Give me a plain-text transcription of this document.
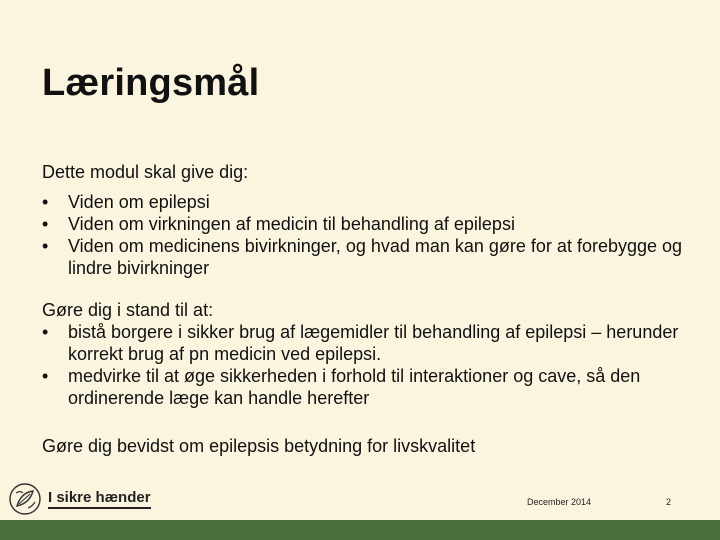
Læringsmål

Dette modul skal give dig:

• Viden om epilepsi
• Viden om virkningen af medicin til behandling af epilepsi
• Viden om medicinens bivirkninger, og hvad man kan gøre for at forebygge og lindre bivirkninger

Gøre dig i stand til at:

• bistå borgere i sikker brug af lægemidler til behandling af epilepsi – herunder korrekt brug af pn medicin ved epilepsi.
• medvirke til at øge sikkerheden i forhold til interaktioner og cave, så den ordinerende læge kan handle herefter

Gøre dig bevidst om epilepsis betydning for livskvalitet

I sikre hænder	December 2014	2
